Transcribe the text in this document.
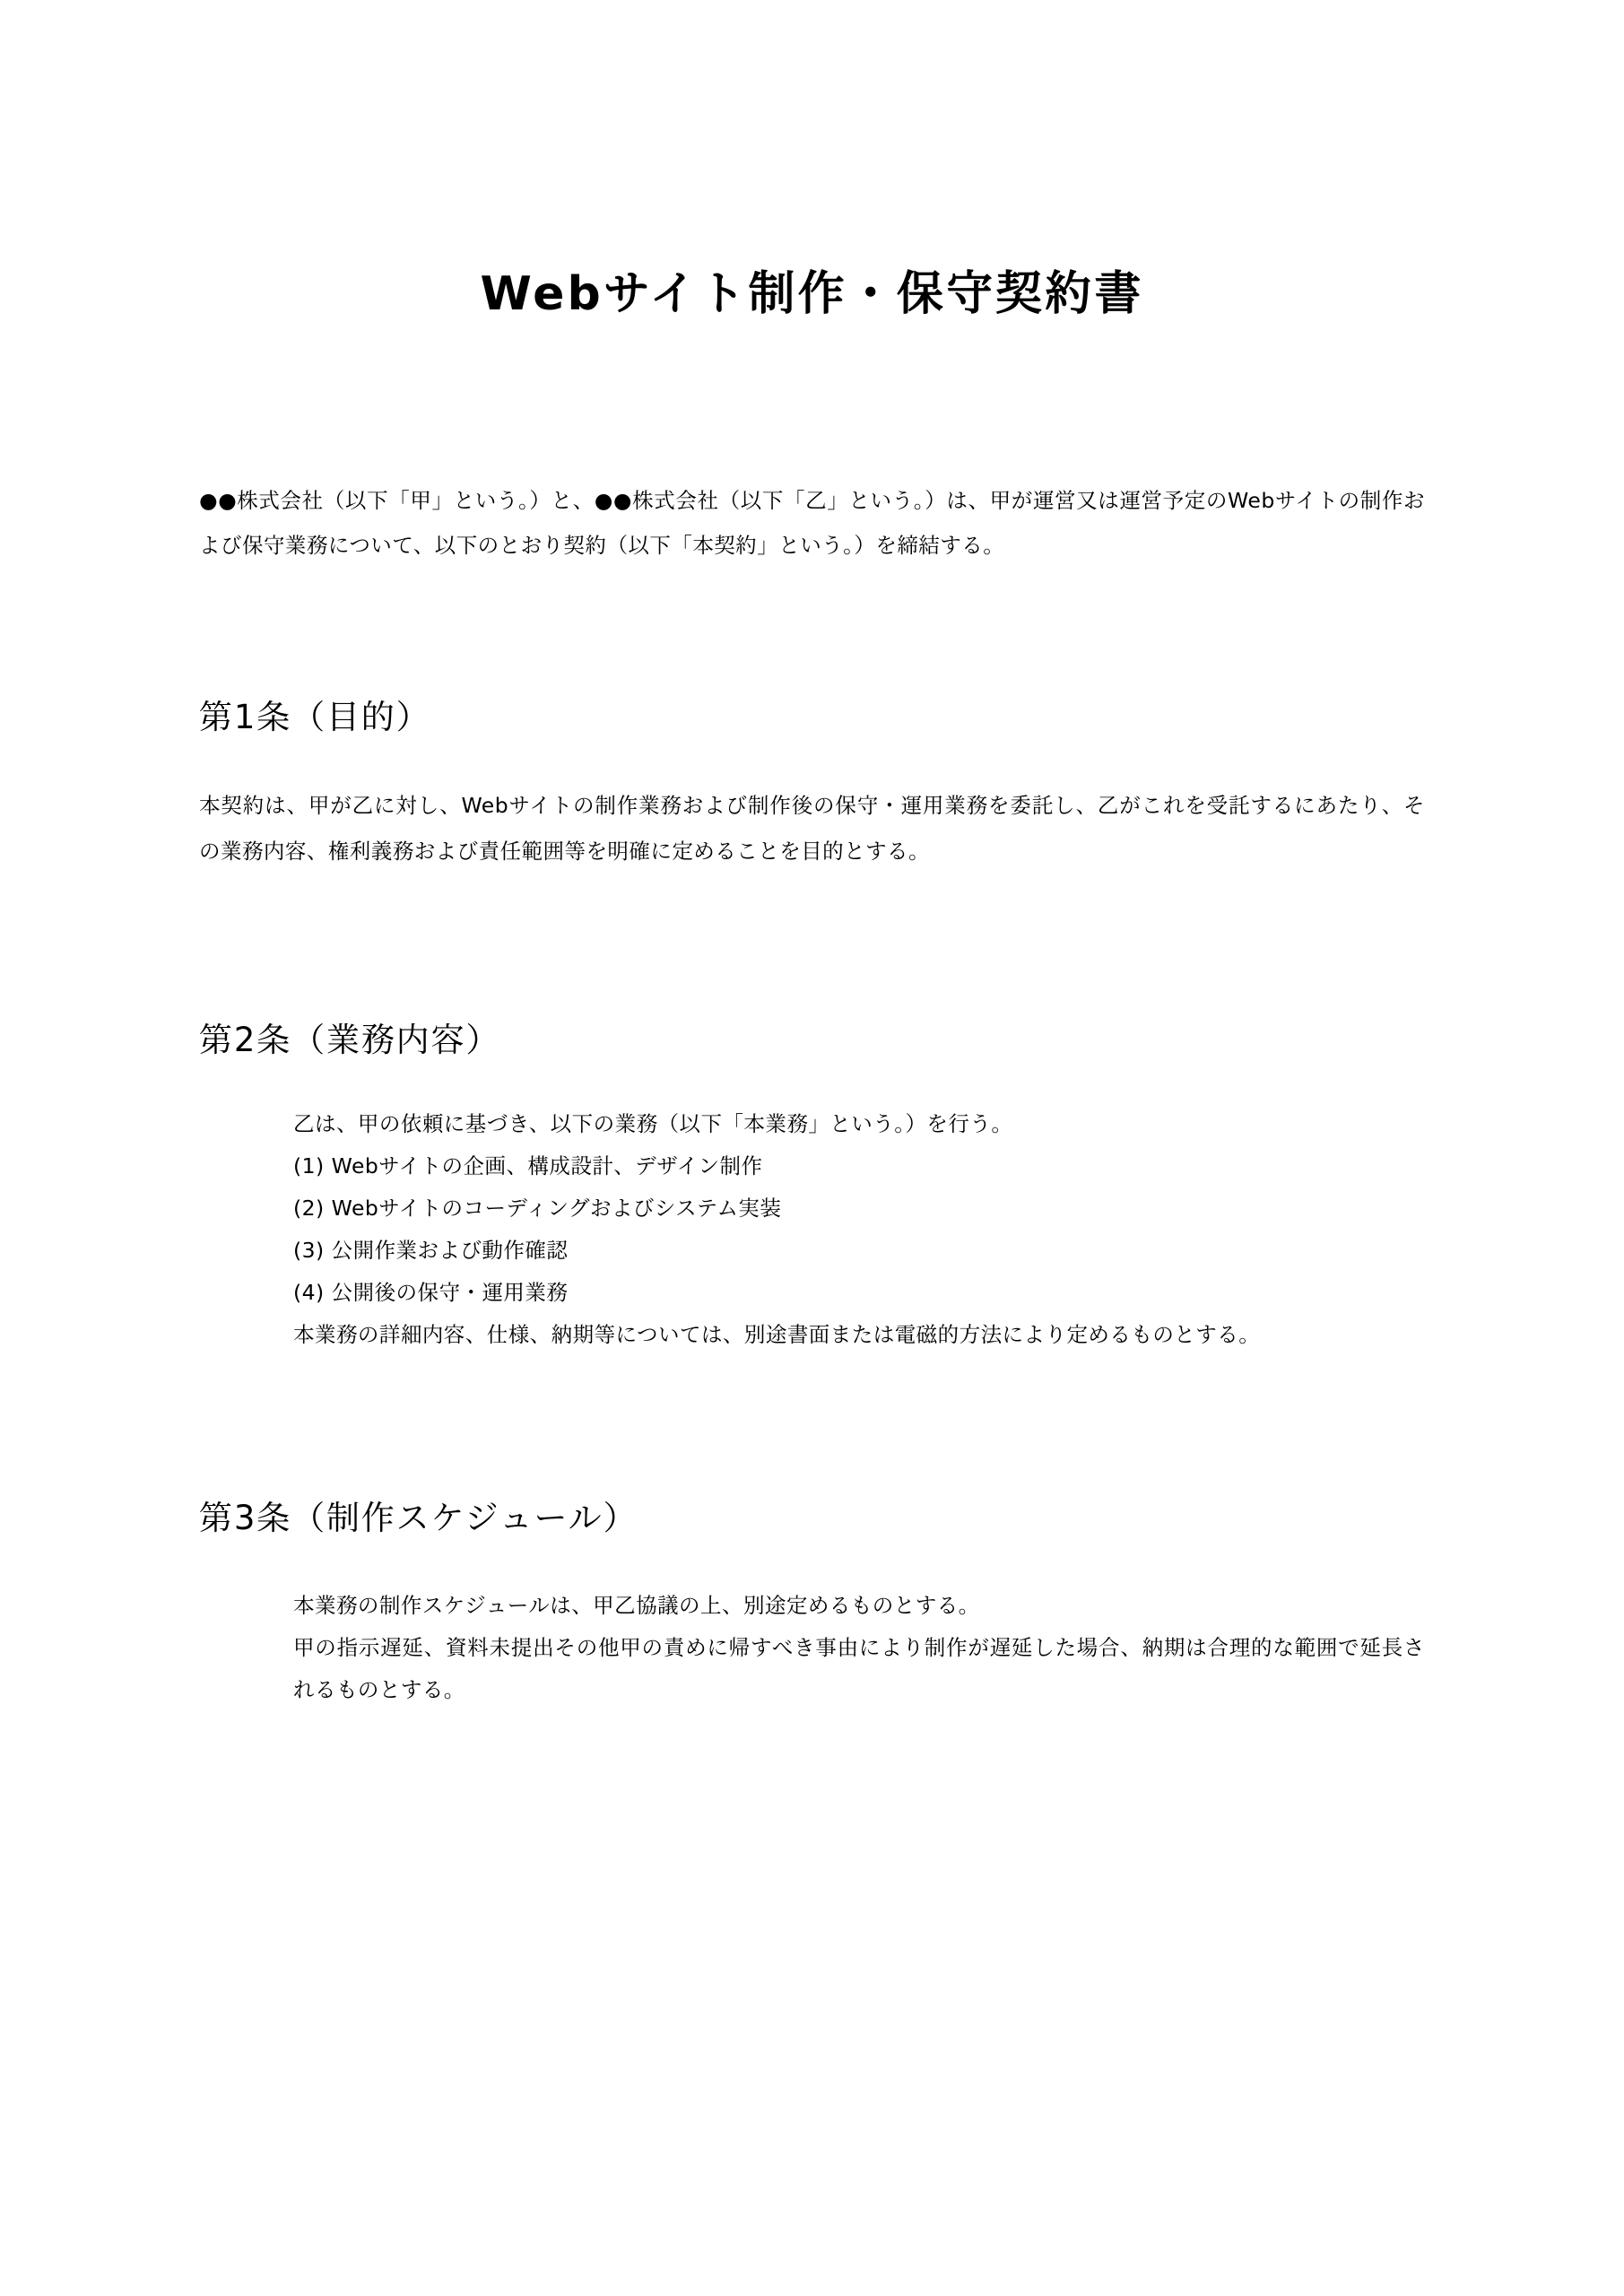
Webサイト制作・保守契約書

●●株式会社（以下「甲」という。）と、●●株式会社（以下「乙」という。）は、甲が運営又は運営予定のWebサイトの制作および保守業務について、以下のとおり契約（以下「本契約」という。）を締結する。

第1条（目的）

本契約は、甲が乙に対し、Webサイトの制作業務および制作後の保守・運用業務を委託し、乙がこれを受託するにあたり、その業務内容、権利義務および責任範囲等を明確に定めることを目的とする。

第2条（業務内容）

乙は、甲の依頼に基づき、以下の業務（以下「本業務」という。）を行う。

(1) Webサイトの企画、構成設計、デザイン制作

(2) Webサイトのコーディングおよびシステム実装

(3) 公開作業および動作確認

(4) 公開後の保守・運用業務

本業務の詳細内容、仕様、納期等については、別途書面または電磁的方法により定めるものとする。

第3条（制作スケジュール）

本業務の制作スケジュールは、甲乙協議の上、別途定めるものとする。

甲の指示遅延、資料未提出その他甲の責めに帰すべき事由により制作が遅延した場合、納期は合理的な範囲で延長されるものとする。
